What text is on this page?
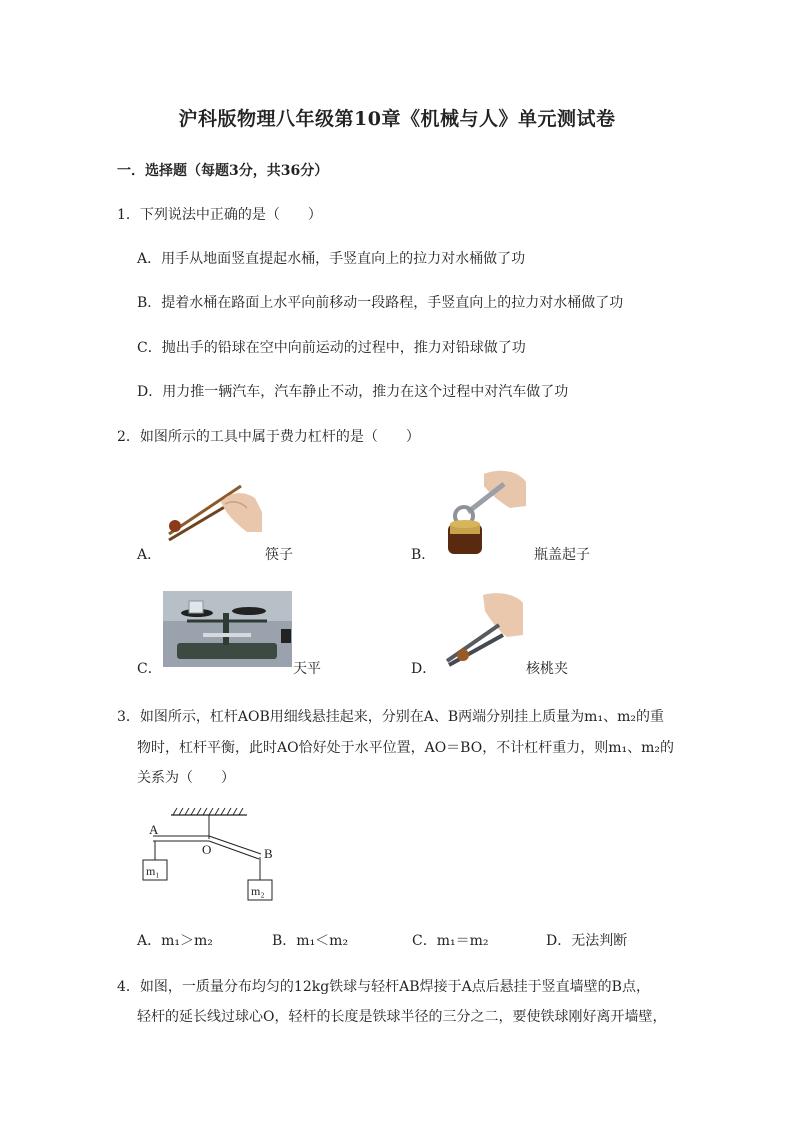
沪科版物理八年级第10章《机械与人》单元测试卷
一．选择题（每题3分，共36分）
1．下列说法中正确的是（　　）
A．用手从地面竖直提起水桶，手竖直向上的拉力对水桶做了功
B．提着水桶在路面上水平向前移动一段路程，手竖直向上的拉力对水桶做了功
C．抛出手的铅球在空中向前运动的过程中，推力对铅球做了功
D．用力推一辆汽车，汽车静止不动，推力在这个过程中对汽车做了功
2．如图所示的工具中属于费力杠杆的是（　　）
A．	筷子	B．	瓶盖起子
C．	天平	D．	核桃夹
3．如图所示，杠杆AOB用细线悬挂起来，分别在A、B两端分别挂上质量为m₁、m₂的重
物时，杠杆平衡，此时AO恰好处于水平位置，AO＝BO，不计杠杆重力，则m₁、m₂的
关系为（　　）
A
O	B
m₁
m₂
A．m₁＞m₂	B．m₁＜m₂	C．m₁＝m₂	D．无法判断
4．如图，一质量分布均匀的12kg铁球与轻杆AB焊接于A点后悬挂于竖直墙壁的B点，
轻杆的延长线过球心O，轻杆的长度是铁球半径的三分之二，要使铁球刚好离开墙壁，
